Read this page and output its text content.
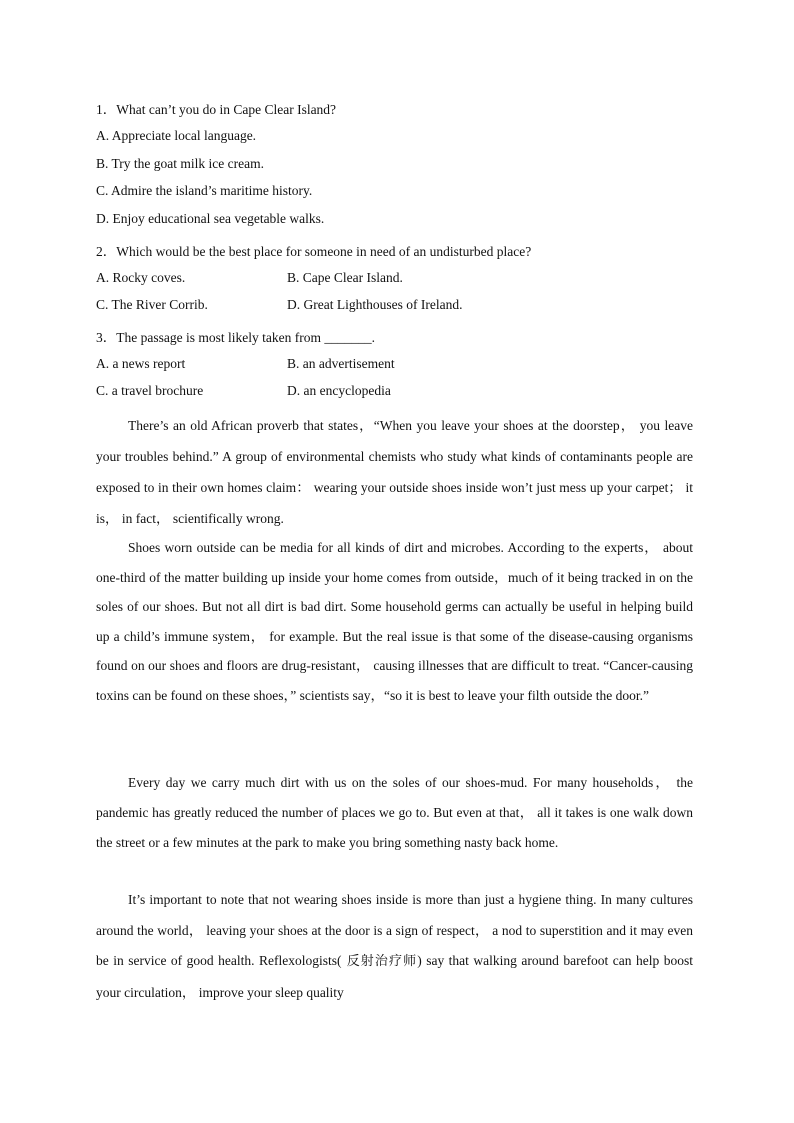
1．What can’t you do in Cape Clear Island?
A. Appreciate local language.
B. Try the goat milk ice cream.
C. Admire the island’s maritime history.
D. Enjoy educational sea vegetable walks.
2．Which would be the best place for someone in need of an undisturbed place?
A. Rocky coves.	B. Cape Clear Island.
C. The River Corrib.	D. Great Lighthouses of Ireland.
3．The passage is most likely taken from _______.
A. a news report	B. an advertisement
C. a travel brochure	D. an encyclopedia

There’s an old African proverb that states，“When you leave your shoes at the doorstep， you leave your troubles behind.” A group of environmental chemists who study what kinds of contaminants people are exposed to in their own homes claim： wearing your outside shoes inside won’t just mess up your carpet； it is， in fact， scientifically wrong.

Shoes worn outside can be media for all kinds of dirt and microbes. According to the experts， about one-third of the matter building up inside your home comes from outside，much of it being tracked in on the soles of our shoes. But not all dirt is bad dirt. Some household germs can actually be useful in helping build up a child’s immune system， for example. But the real issue is that some of the disease-causing organisms found on our shoes and floors are drug-resistant， causing illnesses that are difficult to treat. “Cancer-causing toxins can be found on these shoes，” scientists say，“so it is best to leave your filth outside the door.”

Every day we carry much dirt with us on the soles of our shoes-mud. For many households， the pandemic has greatly reduced the number of places we go to. But even at that， all it takes is one walk down the street or a few minutes at the park to make you bring something nasty back home.

It’s important to note that not wearing shoes inside is more than just a hygiene thing. In many cultures around the world， leaving your shoes at the door is a sign of respect， a nod to superstition and it may even be in service of good health. Reflexologists( 反射治疗师) say that walking around barefoot can help boost your circulation， improve your sleep quality
